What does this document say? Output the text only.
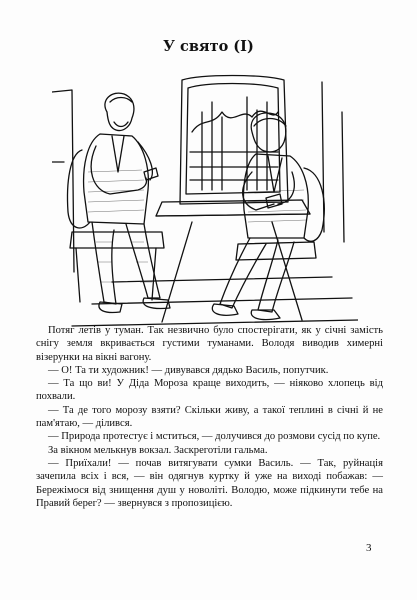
У свято (І)

Потяг летів у туман. Так незвично було спостерігати, як у січні замість снігу земля вкривається густими туманами. Володя виводив химерні візерунки на вікні вагону.

— О! Та ти художник! — дивувався дядько Василь, попутчик.

— Та що ви! У Діда Мороза краще виходить, — ніяково хлопець від похвали.

— Та де того морозу взяти? Скільки живу, а такої теплині в січні й не пам'ятаю, — ділився.

— Природа протестує і мститься, — долучився до розмови сусід по купе.

За вікном мелькнув вокзал. Заскреготіли гальма.

— Приїхали! — почав витягувати сумки Василь. — Так, руйнація зачепила всіх і вся, — він одягнув куртку й уже на виході побажав: — Бережімося від знищення душ у новоліті. Володю, може підкинути тебе на Правий берег? — звернувся з пропозицією.

3
